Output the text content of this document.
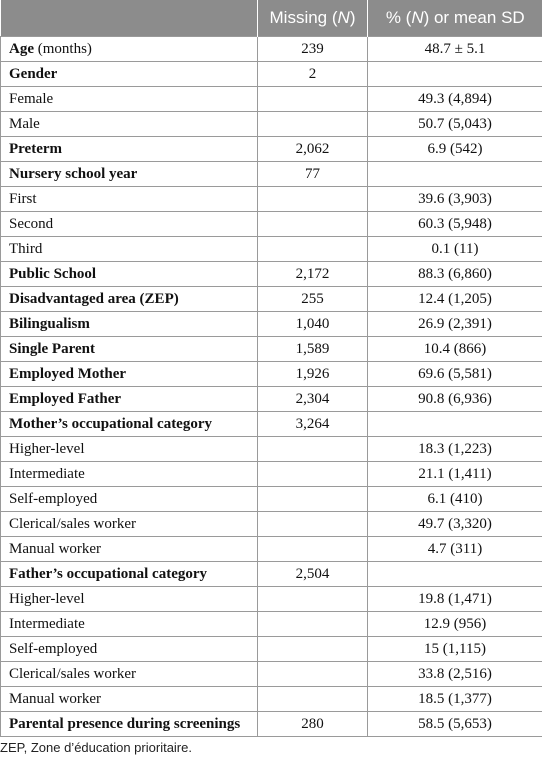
	Missing (N)	% (N) or mean SD
Age (months)	239	48.7 ± 5.1
Gender	2	
Female		49.3 (4,894)
Male		50.7 (5,043)
Preterm	2,062	6.9 (542)
Nursery school year	77	
First		39.6 (3,903)
Second		60.3 (5,948)
Third		0.1 (11)
Public School	2,172	88.3 (6,860)
Disadvantaged area (ZEP)	255	12.4 (1,205)
Bilingualism	1,040	26.9 (2,391)
Single Parent	1,589	10.4 (866)
Employed Mother	1,926	69.6 (5,581)
Employed Father	2,304	90.8 (6,936)
Mother’s occupational category	3,264	
Higher-level		18.3 (1,223)
Intermediate		21.1 (1,411)
Self-employed		6.1 (410)
Clerical/sales worker		49.7 (3,320)
Manual worker		4.7 (311)
Father’s occupational category	2,504	
Higher-level		19.8 (1,471)
Intermediate		12.9 (956)
Self-employed		15 (1,115)
Clerical/sales worker		33.8 (2,516)
Manual worker		18.5 (1,377)
Parental presence during screenings	280	58.5 (5,653)
ZEP, Zone d’éducation prioritaire.
